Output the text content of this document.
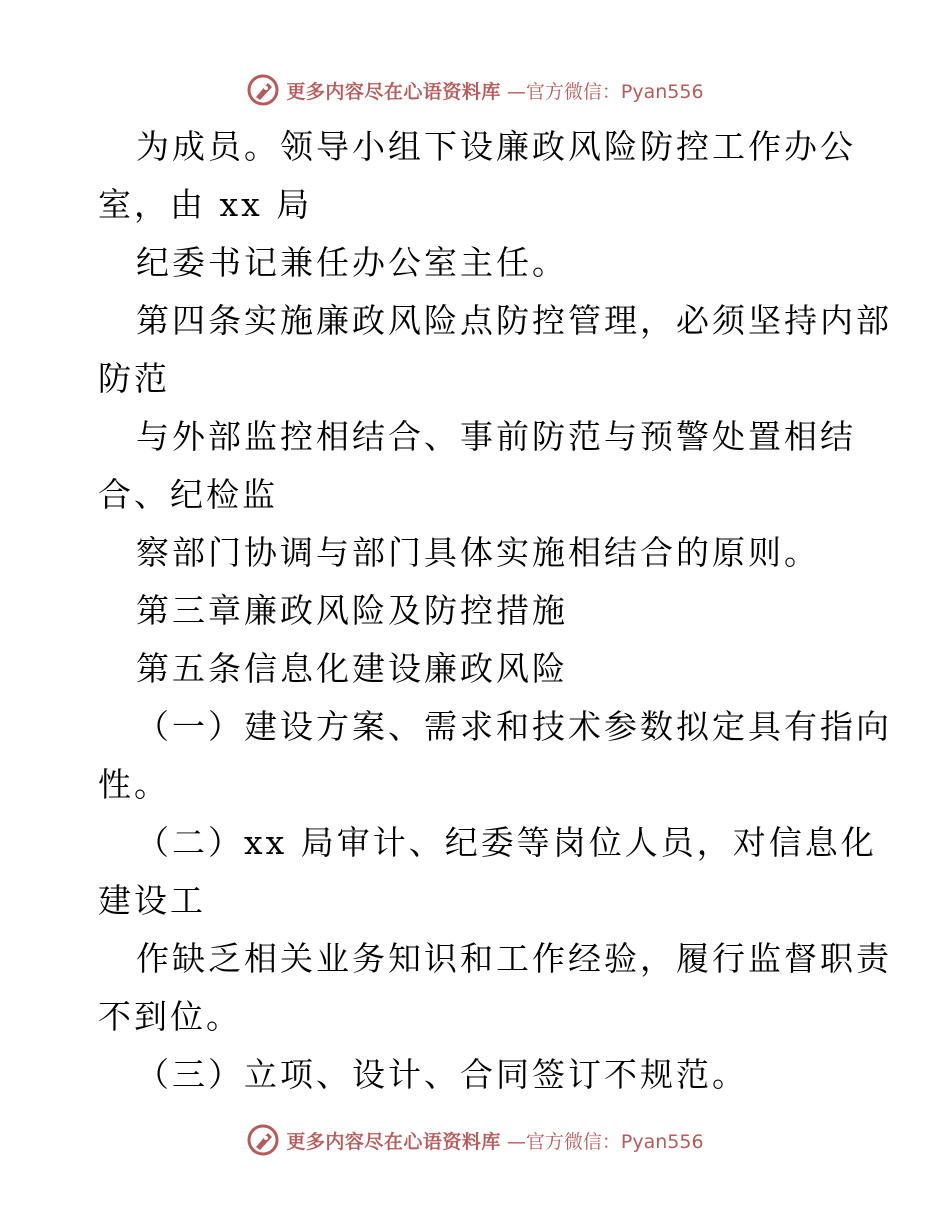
更多内容尽在心语资料库 —官方微信：Pyan556
为成员。领导小组下设廉政风险防控工作办公
室，由 xx 局
纪委书记兼任办公室主任。
第四条实施廉政风险点防控管理，必须坚持内部
防范
与外部监控相结合、事前防范与预警处置相结
合、纪检监
察部门协调与部门具体实施相结合的原则。
第三章廉政风险及防控措施
第五条信息化建设廉政风险
（一）建设方案、需求和技术参数拟定具有指向
性。
（二）xx 局审计、纪委等岗位人员，对信息化
建设工
作缺乏相关业务知识和工作经验，履行监督职责
不到位。
（三）立项、设计、合同签订不规范。
更多内容尽在心语资料库 —官方微信：Pyan556
